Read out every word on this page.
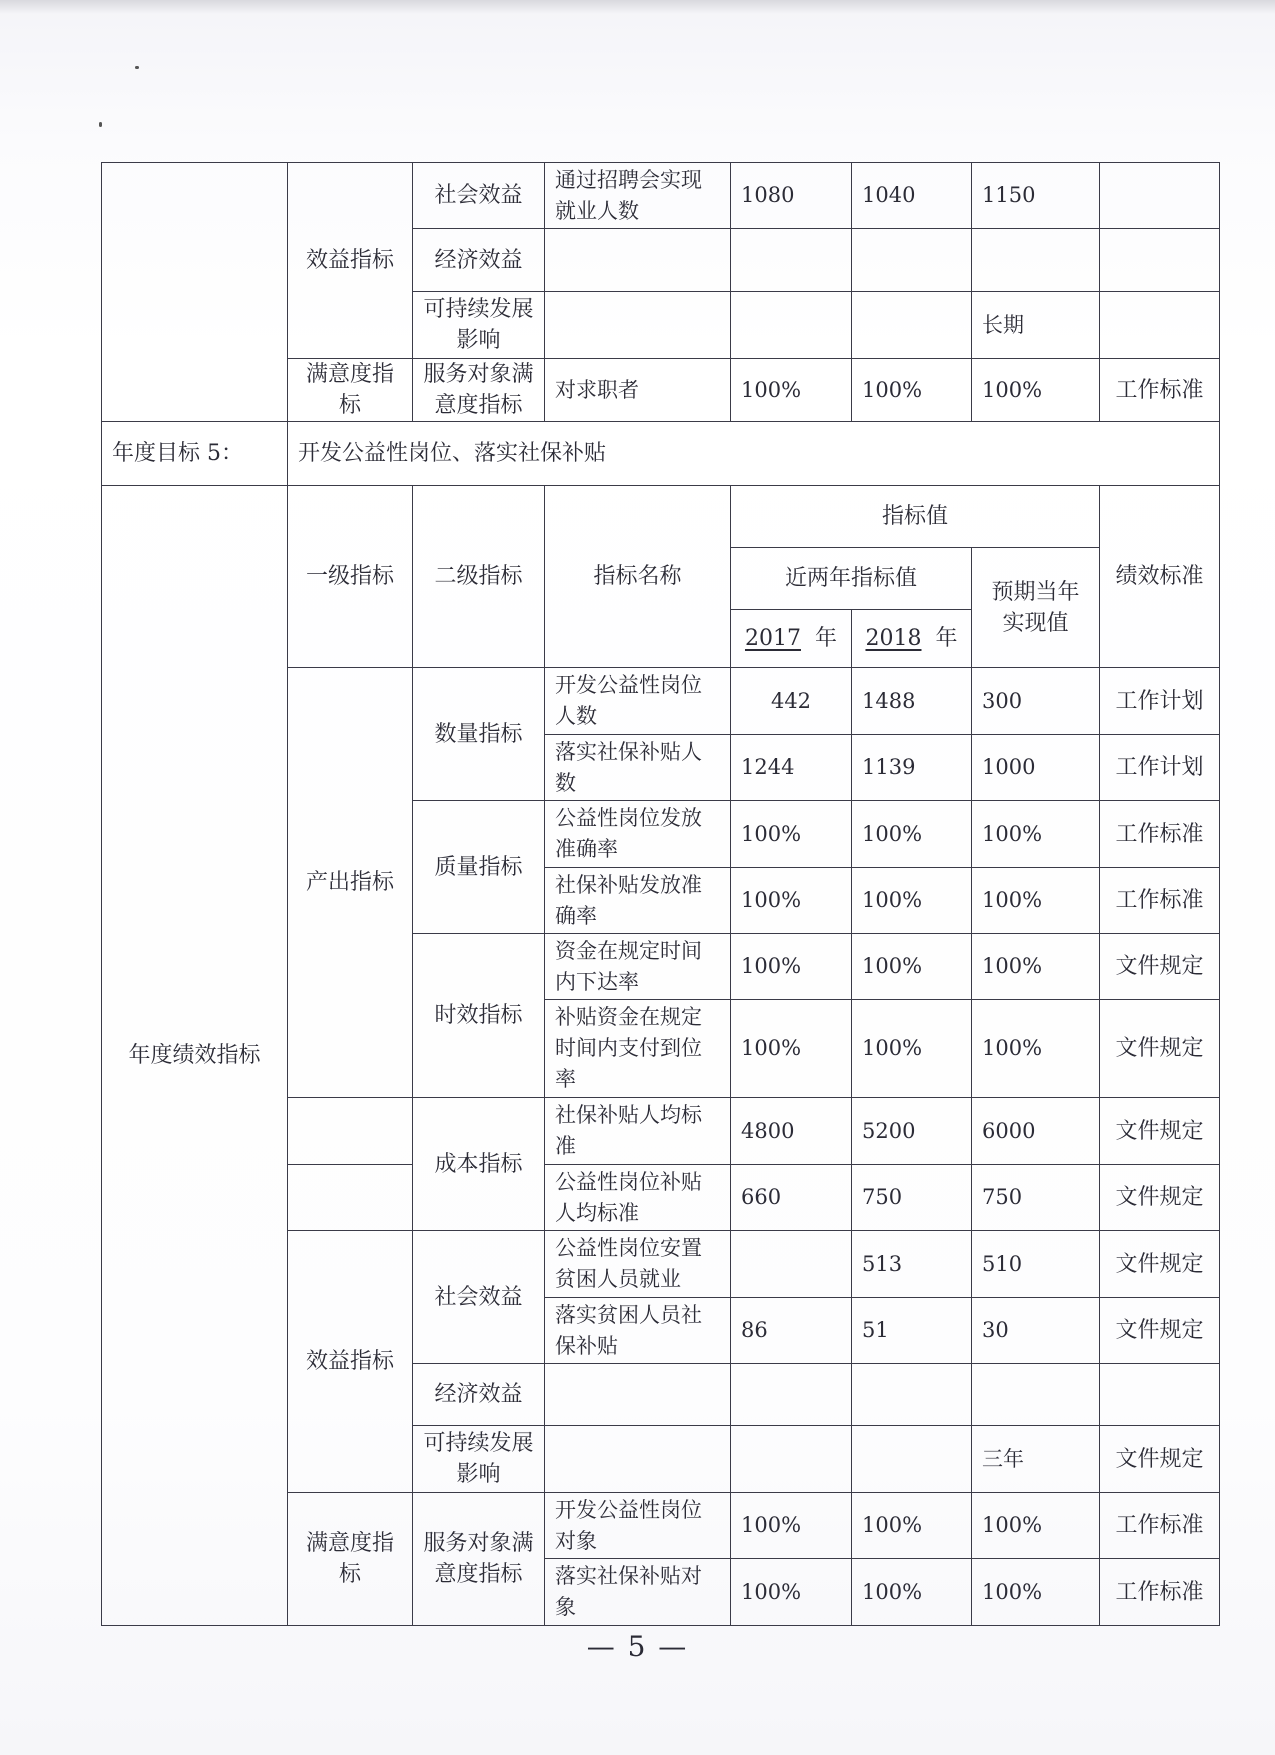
	效益指标	社会效益	通过招聘会实现就业人数	1080	1040	1150	
		经济效益					
		可持续发展影响				长期	
	满意度指标	服务对象满意度指标	对求职者	100%	100%	100%	工作标准
年度目标 5：	开发公益性岗位、落实社保补贴						
年度绩效指标	一级指标	二级指标	指标名称	指标值			绩效标准
				近两年指标值		预期当年实现值	
				2017 年	2018 年		
	产出指标	数量指标	开发公益性岗位人数	442	1488	300	工作计划
			落实社保补贴人数	1244	1139	1000	工作计划
		质量指标	公益性岗位发放准确率	100%	100%	100%	工作标准
			社保补贴发放准确率	100%	100%	100%	工作标准
		时效指标	资金在规定时间内下达率	100%	100%	100%	文件规定
			补贴资金在规定时间内支付到位率	100%	100%	100%	文件规定
		成本指标	社保补贴人均标准	4800	5200	6000	文件规定
			公益性岗位补贴人均标准	660	750	750	文件规定
	效益指标	社会效益	公益性岗位安置贫困人员就业		513	510	文件规定
			落实贫困人员社保补贴	86	51	30	文件规定
		经济效益					
		可持续发展影响				三年	文件规定
	满意度指标	服务对象满意度指标	开发公益性岗位对象	100%	100%	100%	工作标准
			落实社保补贴对象	100%	100%	100%	工作标准
— 5 —
